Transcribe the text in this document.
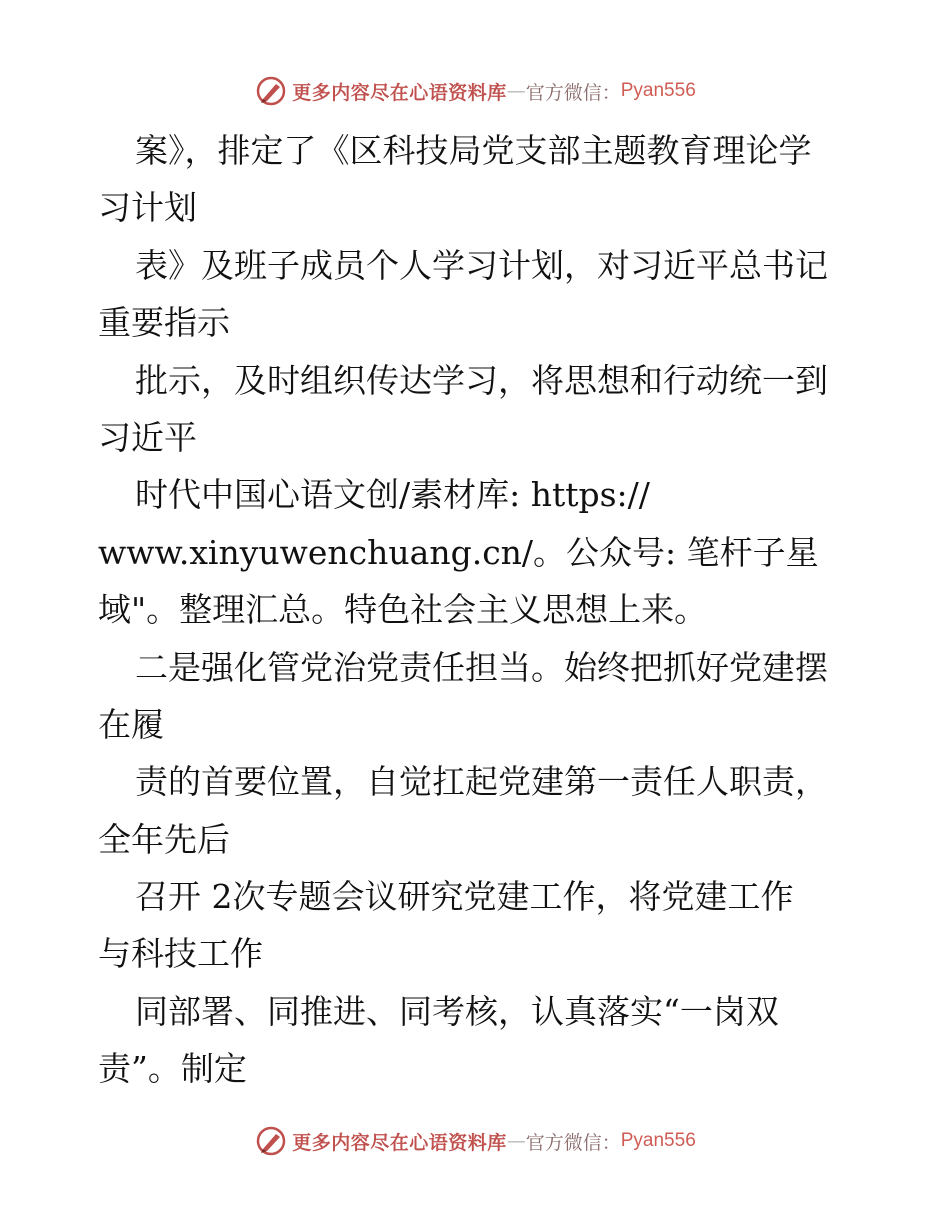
更多内容尽在心语资料库 — 官方微信： Pyan556
案》，排定了《区科技局党支部主题教育理论学
习计划
表》及班子成员个人学习计划，对习近平总书记
重要指示
批示，及时组织传达学习，将思想和行动统一到
习近平
时代中国心语文创/素材库: https://
www.xinyuwenchuang.cn/。公众号: 笔杆子星
域"。整理汇总。特色社会主义思想上来。
二是强化管党治党责任担当。始终把抓好党建摆
在履
责的首要位置，自觉扛起党建第一责任人职责，
全年先后
召开 2次专题会议研究党建工作，将党建工作
与科技工作
同部署、同推进、同考核，认真落实“一岗双
责”。制定
更多内容尽在心语资料库 — 官方微信： Pyan556
